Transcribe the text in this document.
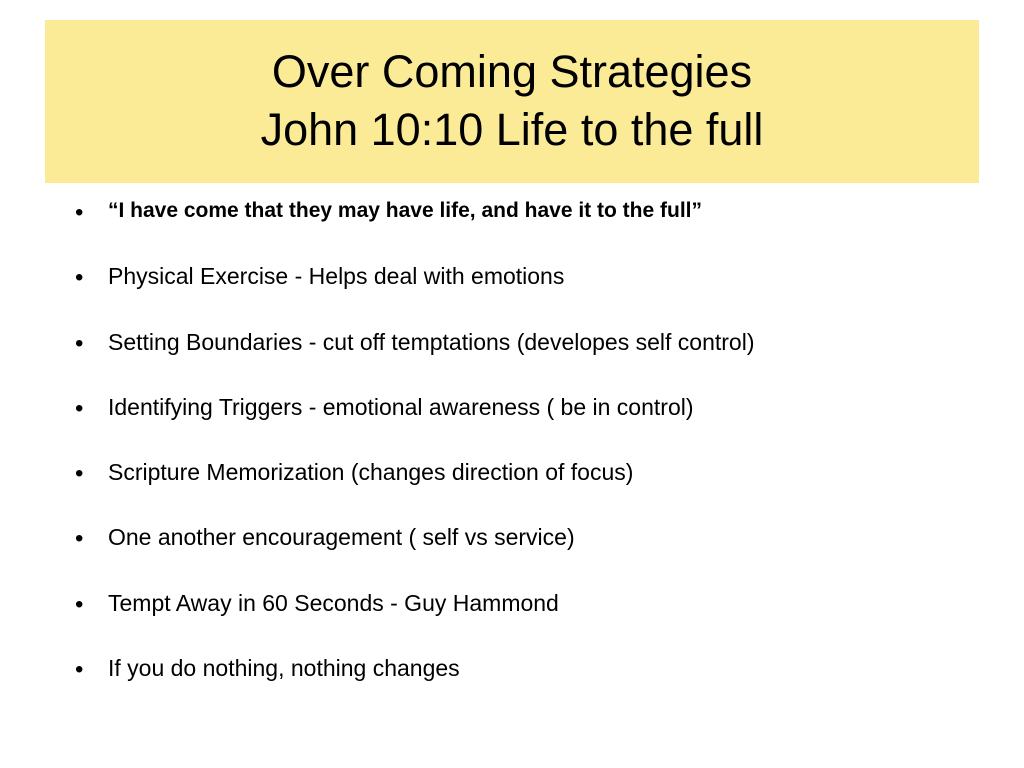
Over Coming Strategies
John 10:10 Life to the full
• “I have come that they may have life, and have it to the full”
• Physical Exercise - Helps deal with emotions
• Setting Boundaries - cut off temptations (developes self control)
• Identifying Triggers - emotional awareness ( be in control)
• Scripture Memorization (changes direction of focus)
• One another encouragement ( self vs service)
• Tempt Away in 60 Seconds - Guy Hammond
• If you do nothing, nothing changes
